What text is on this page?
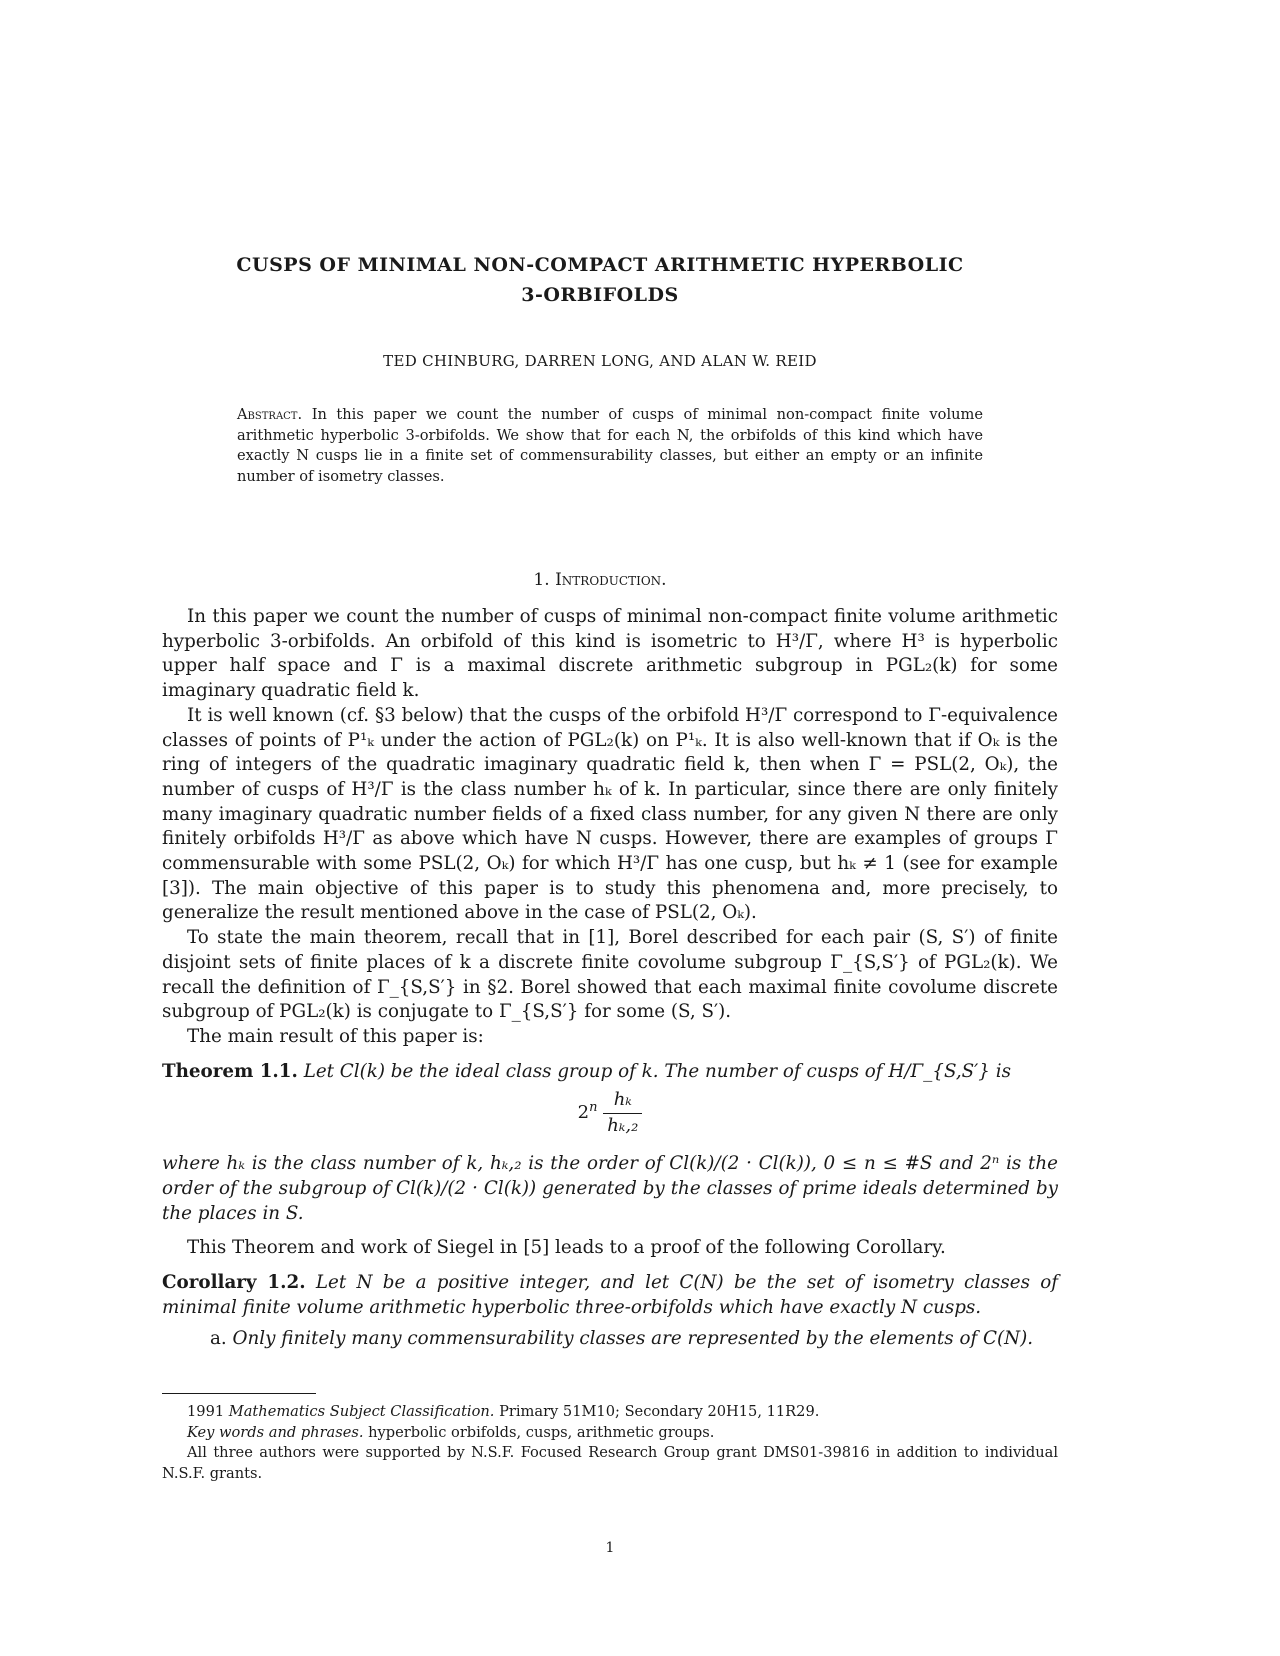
CUSPS OF MINIMAL NON-COMPACT ARITHMETIC HYPERBOLIC
3-ORBIFOLDS
TED CHINBURG, DARREN LONG, AND ALAN W. REID
Abstract. In this paper we count the number of cusps of minimal non-compact finite volume arithmetic hyperbolic 3-orbifolds. We show that for each N, the orbifolds of this kind which have exactly N cusps lie in a finite set of commensurability classes, but either an empty or an infinite number of isometry classes.
1. Introduction.

In this paper we count the number of cusps of minimal non-compact finite volume arithmetic hyperbolic 3-orbifolds. An orbifold of this kind is isometric to H³/Γ, where H³ is hyperbolic upper half space and Γ is a maximal discrete arithmetic subgroup in PGL₂(k) for some imaginary quadratic field k.

It is well known (cf. §3 below) that the cusps of the orbifold H³/Γ correspond to Γ-equivalence classes of points of P¹ₖ under the action of PGL₂(k) on P¹ₖ. It is also well-known that if Oₖ is the ring of integers of the quadratic imaginary quadratic field k, then when Γ = PSL(2, Oₖ), the number of cusps of H³/Γ is the class number hₖ of k. In particular, since there are only finitely many imaginary quadratic number fields of a fixed class number, for any given N there are only finitely orbifolds H³/Γ as above which have N cusps. However, there are examples of groups Γ commensurable with some PSL(2, Oₖ) for which H³/Γ has one cusp, but hₖ ≠ 1 (see for example [3]). The main objective of this paper is to study this phenomena and, more precisely, to generalize the result mentioned above in the case of PSL(2, Oₖ).

To state the main theorem, recall that in [1], Borel described for each pair (S, S′) of finite disjoint sets of finite places of k a discrete finite covolume subgroup Γ_{S,S′} of PGL₂(k). We recall the definition of Γ_{S,S′} in §2. Borel showed that each maximal finite covolume discrete subgroup of PGL₂(k) is conjugate to Γ_{S,S′} for some (S, S′).

The main result of this paper is:

Theorem 1.1. Let Cl(k) be the ideal class group of k. The number of cusps of H/Γ_{S,S′} is

$2^n \frac{\text{hₖ}}{\text{hₖ,₂}}$

where hₖ is the class number of k, hₖ,₂ is the order of Cl(k)/(2 · Cl(k)), 0 ≤ n ≤ #S and 2ⁿ is the order of the subgroup of Cl(k)/(2 · Cl(k)) generated by the classes of prime ideals determined by the places in S.

This Theorem and work of Siegel in [5] leads to a proof of the following Corollary.

Corollary 1.2. Let N be a positive integer, and let C(N) be the set of isometry classes of minimal finite volume arithmetic hyperbolic three-orbifolds which have exactly N cusps.

a. Only finitely many commensurability classes are represented by the elements of C(N).

1991 Mathematics Subject Classification. Primary 51M10; Secondary 20H15, 11R29.

Key words and phrases. hyperbolic orbifolds, cusps, arithmetic groups.

All three authors were supported by N.S.F. Focused Research Group grant DMS01-39816 in addition to individual N.S.F. grants.

1
